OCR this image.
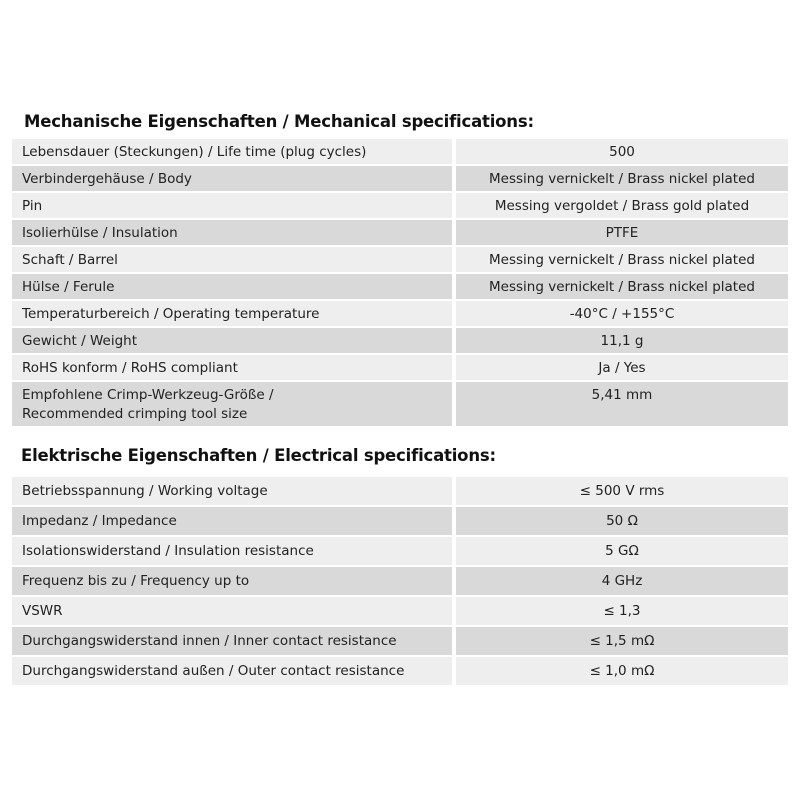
Mechanische Eigenschaften / Mechanical specifications:
Lebensdauer (Steckungen) / Life time (plug cycles)	500
Verbindergehäuse / Body	Messing vernickelt / Brass nickel plated
Pin	Messing vergoldet / Brass gold plated
Isolierhülse / Insulation	PTFE
Schaft / Barrel	Messing vernickelt / Brass nickel plated
Hülse / Ferule	Messing vernickelt / Brass nickel plated
Temperaturbereich / Operating temperature	-40°C / +155°C
Gewicht / Weight	11,1 g
RoHS konform / RoHS compliant	Ja / Yes

Empfohlene Crimp-Werkzeug-Größe /
Recommended crimping tool size	5,41 mm
Elektrische Eigenschaften / Electrical specifications:
Betriebsspannung / Working voltage	≤ 500 V rms
Impedanz / Impedance	50 Ω
Isolationswiderstand / Insulation resistance	5 GΩ
Frequenz bis zu / Frequency up to	4 GHz
VSWR	≤ 1,3
Durchgangswiderstand innen / Inner contact resistance	≤ 1,5 mΩ
Durchgangswiderstand außen / Outer contact resistance	≤ 1,0 mΩ
